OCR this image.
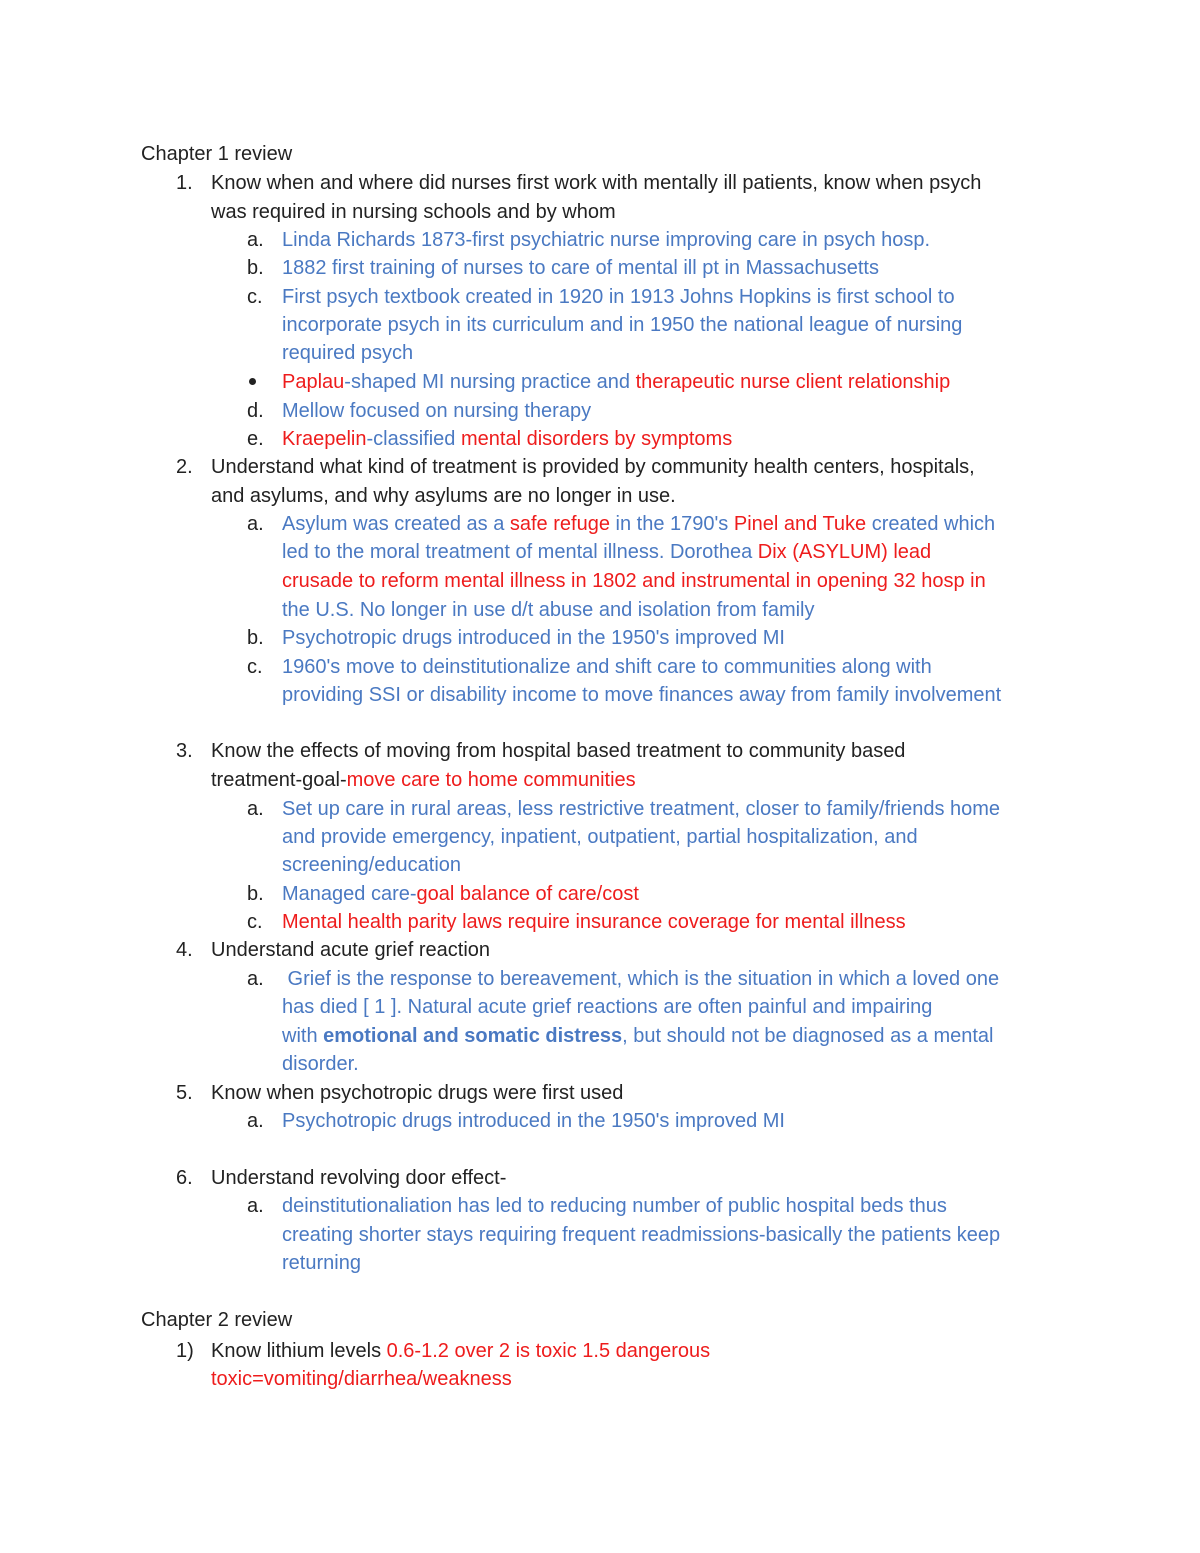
Chapter 1 review
1. Know when and where did nurses first work with mentally ill patients, know when psych
was required in nursing schools and by whom
a. Linda Richards 1873-first psychiatric nurse improving care in psych hosp.
b. 1882 first training of nurses to care of mental ill pt in Massachusetts
c. First psych textbook created in 1920 in 1913 Johns Hopkins is first school to
incorporate psych in its curriculum and in 1950 the national league of nursing
required psych
Paplau-shaped MI nursing practice and therapeutic nurse client relationship
d. Mellow focused on nursing therapy
e. Kraepelin-classified mental disorders by symptoms
2. Understand what kind of treatment is provided by community health centers, hospitals,
and asylums, and why asylums are no longer in use.
a. Asylum was created as a safe refuge in the 1790's Pinel and Tuke created which
led to the moral treatment of mental illness. Dorothea Dix (ASYLUM) lead
crusade to reform mental illness in 1802 and instrumental in opening 32 hosp in
the U.S. No longer in use d/t abuse and isolation from family
b. Psychotropic drugs introduced in the 1950's improved MI
c. 1960's move to deinstitutionalize and shift care to communities along with
providing SSI or disability income to move finances away from family involvement
3. Know the effects of moving from hospital based treatment to community based
treatment-goal-move care to home communities
a. Set up care in rural areas, less restrictive treatment, closer to family/friends home
and provide emergency, inpatient, outpatient, partial hospitalization, and
screening/education
b. Managed care-goal balance of care/cost
c. Mental health parity laws require insurance coverage for mental illness
4. Understand acute grief reaction
a. Grief is the response to bereavement, which is the situation in which a loved one
has died [ 1 ]. Natural acute grief reactions are often painful and impairing
with emotional and somatic distress, but should not be diagnosed as a mental
disorder.
5. Know when psychotropic drugs were first used
a. Psychotropic drugs introduced in the 1950's improved MI
6. Understand revolving door effect-
a. deinstitutionaliation has led to reducing number of public hospital beds thus
creating shorter stays requiring frequent readmissions-basically the patients keep
returning
Chapter 2 review
1) Know lithium levels 0.6-1.2 over 2 is toxic 1.5 dangerous
toxic=vomiting/diarrhea/weakness
